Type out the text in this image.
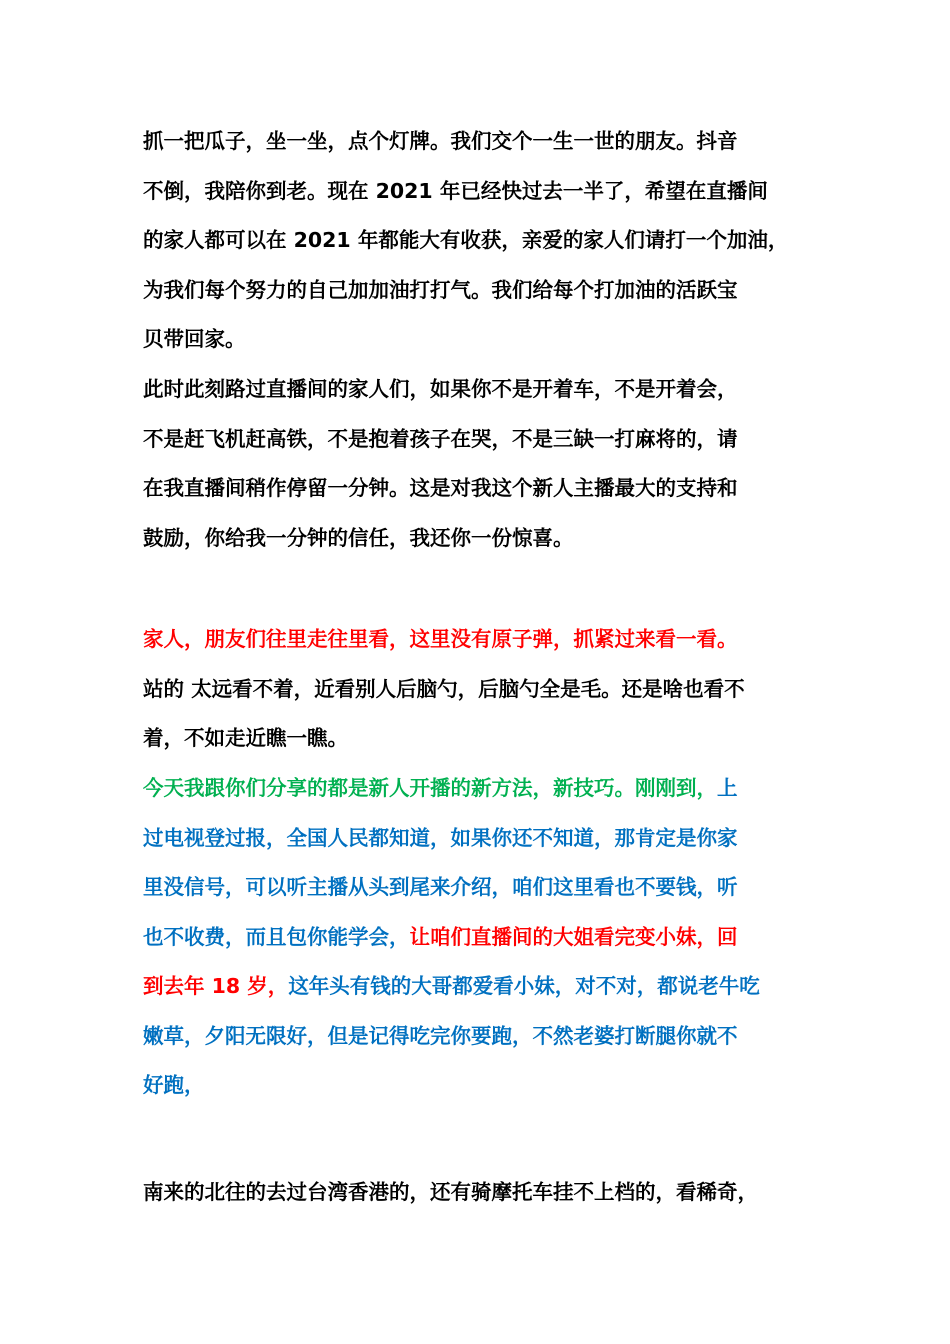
抓一把瓜子，坐一坐，点个灯牌。我们交个一生一世的朋友。抖音
不倒，我陪你到老。现在 2021 年已经快过去一半了，希望在直播间
的家人都可以在 2021 年都能大有收获，亲爱的家人们请打一个加油，
为我们每个努力的自己加加油打打气。我们给每个打加油的活跃宝
贝带回家。
此时此刻路过直播间的家人们，如果你不是开着车，不是开着会，
不是赶飞机赶高铁，不是抱着孩子在哭，不是三缺一打麻将的，请
在我直播间稍作停留一分钟。这是对我这个新人主播最大的支持和
鼓励，你给我一分钟的信任，我还你一份惊喜。
家人，朋友们往里走往里看，这里没有原子弹，抓紧过来看一看。
站的 太远看不着，近看别人后脑勺，后脑勺全是毛。还是啥也看不
着，不如走近瞧一瞧。
今天我跟你们分享的都是新人开播的新方法，新技巧。刚刚到，上
过电视登过报，全国人民都知道，如果你还不知道，那肯定是你家
里没信号，可以听主播从头到尾来介绍，咱们这里看也不要钱，听
也不收费，而且包你能学会，让咱们直播间的大姐看完变小妹，回
到去年 18 岁，这年头有钱的大哥都爱看小妹，对不对，都说老牛吃
嫩草，夕阳无限好，但是记得吃完你要跑，不然老婆打断腿你就不
好跑，
南来的北往的去过台湾香港的，还有骑摩托车挂不上档的，看稀奇，
